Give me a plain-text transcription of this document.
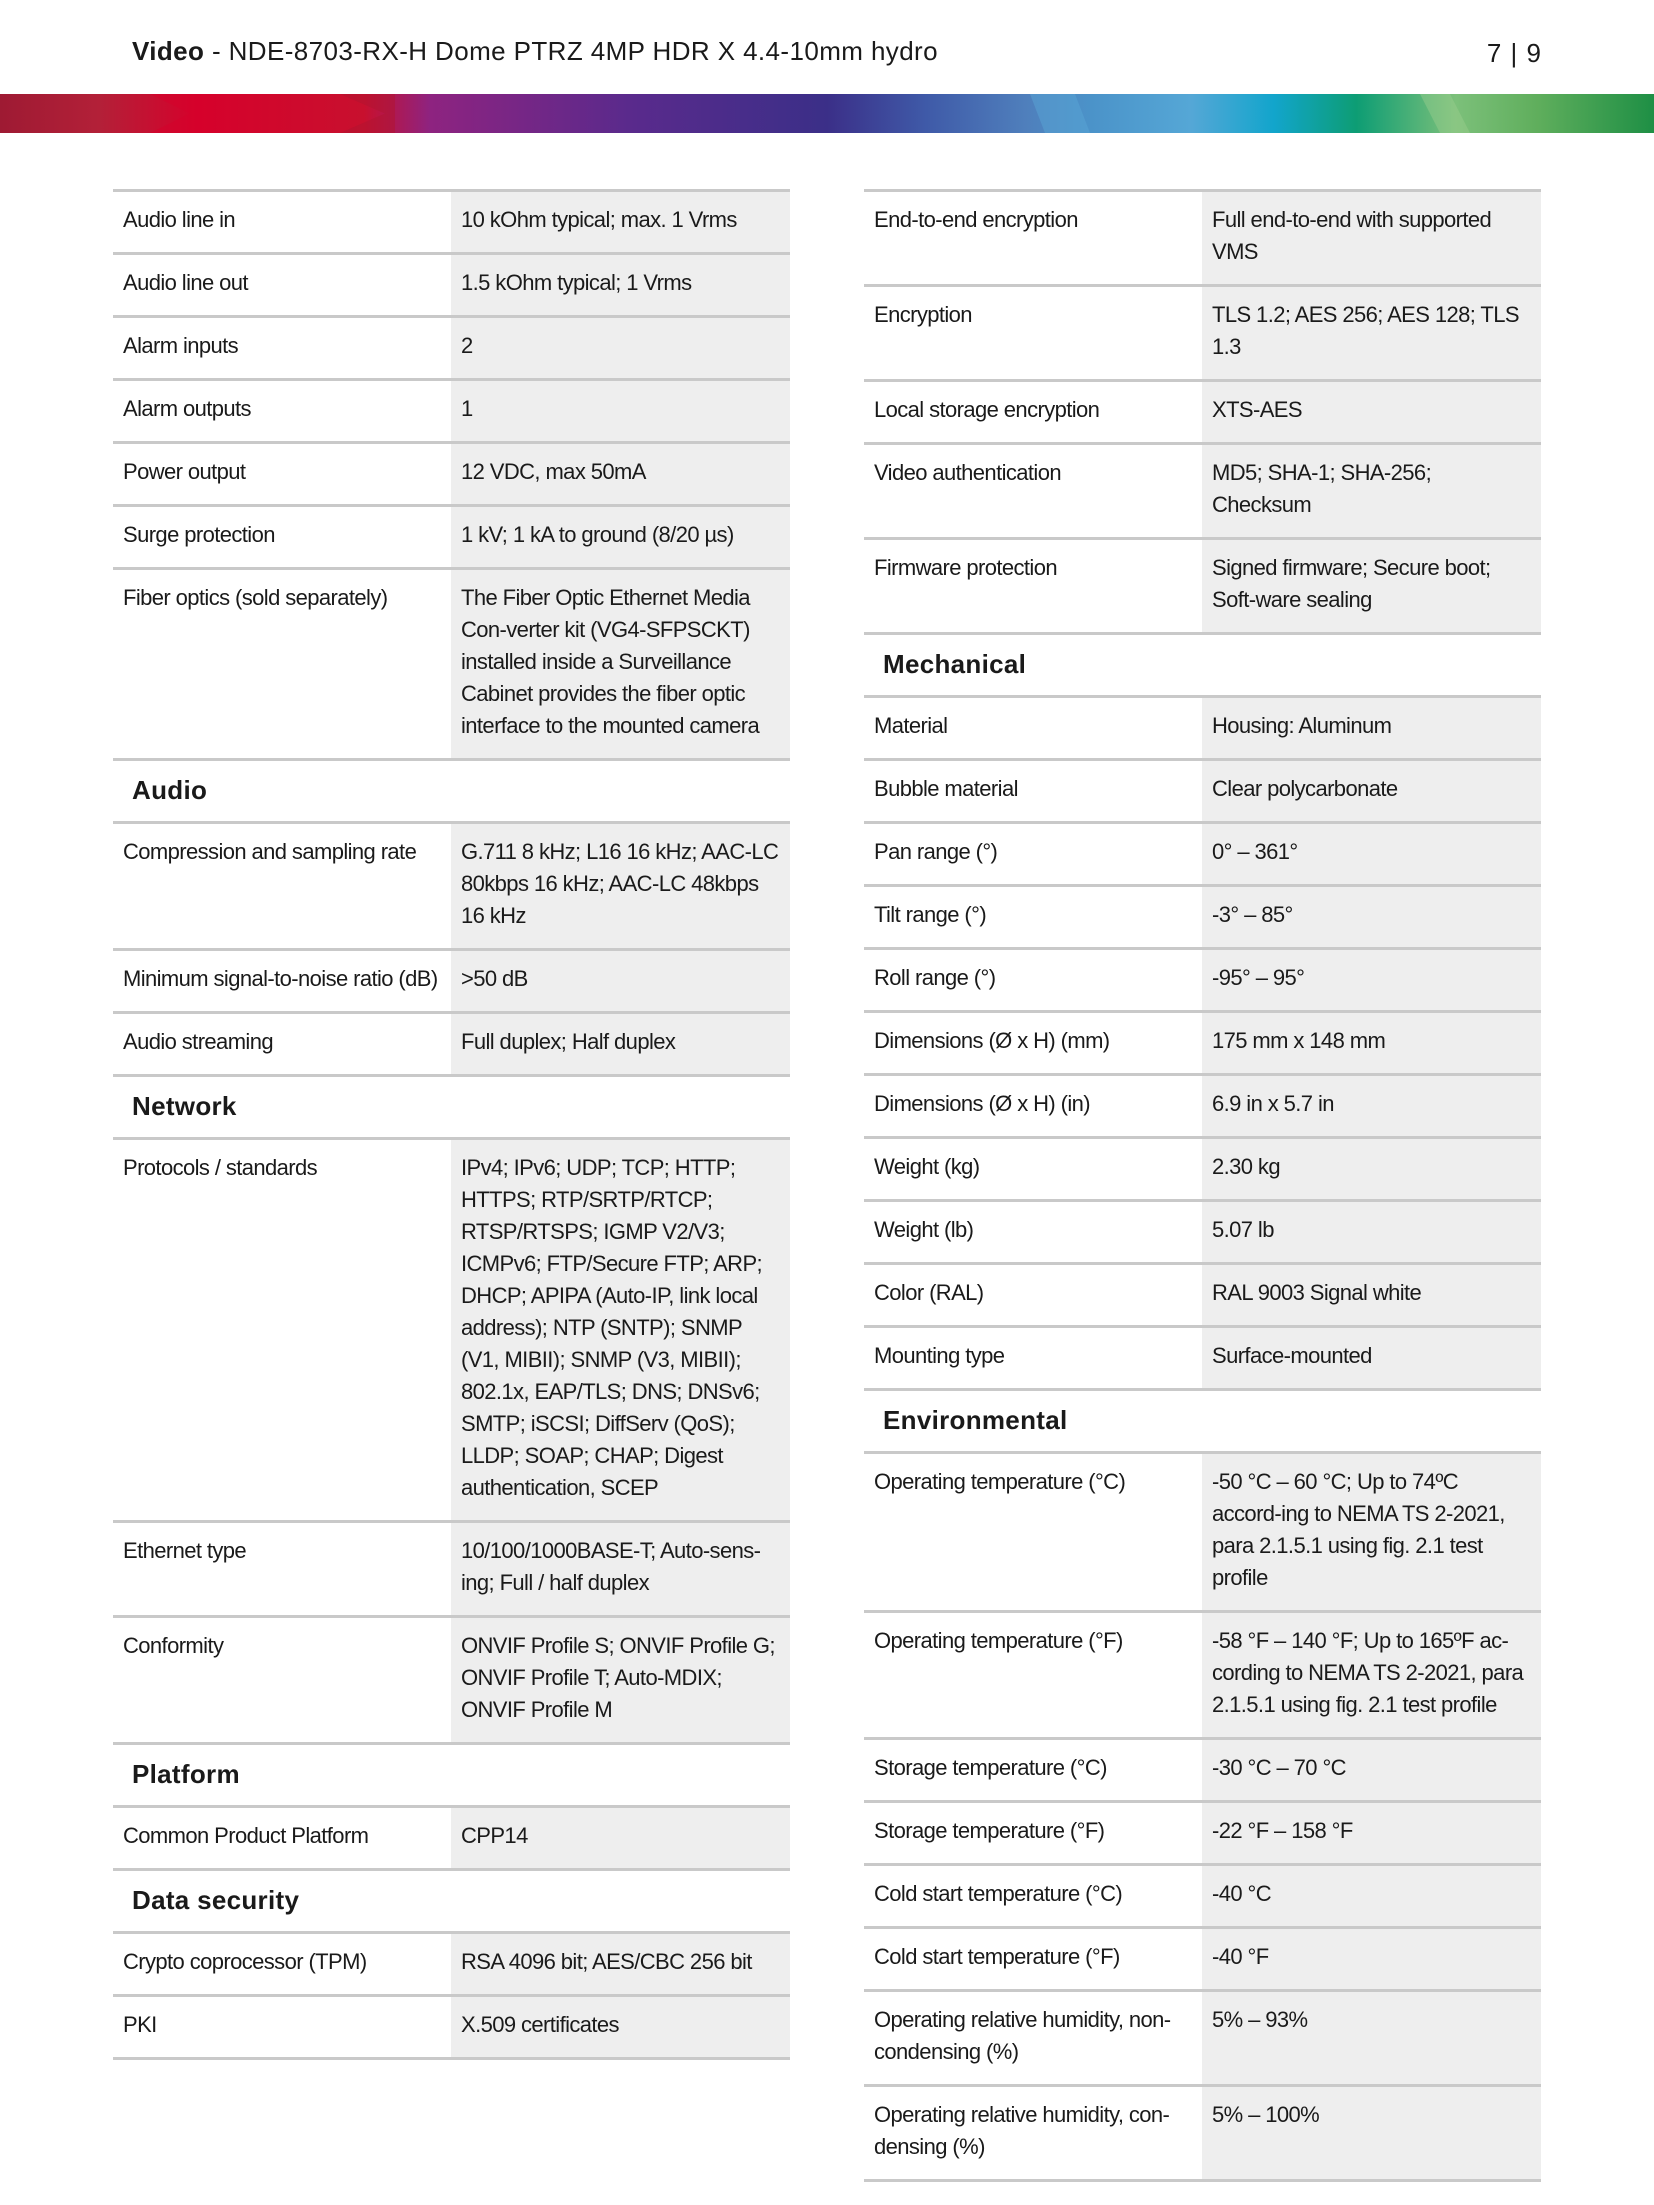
Video - NDE-8703-RX-H Dome PTRZ 4MP HDR X 4.4-10mm hydro	7 | 9
Audio line in	10 kOhm typical; max. 1 Vrms
Audio line out	1.5 kOhm typical; 1 Vrms
Alarm inputs	2
Alarm outputs	1
Power output	12 VDC, max 50mA
Surge protection	1 kV; 1 kA to ground (8/20 µs)
Fiber optics (sold separately)	The Fiber Optic Ethernet Media Con-verter kit (VG4-SFPSCKT) installed inside a Surveillance Cabinet provides the fiber optic interface to the mounted camera
Audio	
Compression and sampling rate	G.711 8 kHz; L16 16 kHz; AAC-LC 80kbps 16 kHz; AAC-LC 48kbps 16 kHz
Minimum signal-to-noise ratio (dB)	>50 dB
Audio streaming	Full duplex; Half duplex
Network	
Protocols / standards	IPv4; IPv6; UDP; TCP; HTTP; HTTPS; RTP/SRTP/RTCP; RTSP/RTSPS; IGMP V2/V3; ICMPv6; FTP/Secure FTP; ARP; DHCP; APIPA (Auto-IP, link local address); NTP (SNTP); SNMP (V1, MIBII); SNMP (V3, MIBII); 802.1x, EAP/TLS; DNS; DNSv6; SMTP; iSCSI; DiffServ (QoS); LLDP; SOAP; CHAP; Digest authentication, SCEP
Ethernet type	10/100/1000BASE-T; Auto-sens-ing; Full / half duplex
Conformity	ONVIF Profile S; ONVIF Profile G; ONVIF Profile T; Auto-MDIX; ONVIF Profile M
Platform	
Common Product Platform	CPP14
Data security	
Crypto coprocessor (TPM)	RSA 4096 bit; AES/CBC 256 bit
PKI	X.509 certificates

End-to-end encryption	Full end-to-end with supported VMS
Encryption	TLS 1.2; AES 256; AES 128; TLS 1.3
Local storage encryption	XTS-AES
Video authentication	MD5; SHA-1; SHA-256; Checksum
Firmware protection	Signed firmware; Secure boot; Soft-ware sealing
Mechanical	
Material	Housing: Aluminum
Bubble material	Clear polycarbonate
Pan range (°)	0° – 361°
Tilt range (°)	-3° – 85°
Roll range (°)	-95° – 95°
Dimensions (Ø x H) (mm)	175 mm x 148 mm
Dimensions (Ø x H) (in)	6.9 in x 5.7 in
Weight (kg)	2.30 kg
Weight (lb)	5.07 lb
Color (RAL)	RAL 9003 Signal white
Mounting type	Surface-mounted
Environmental	
Operating temperature (°C)	-50 °C – 60 °C; Up to 74ºC accord-ing to NEMA TS 2-2021, para 2.1.5.1 using fig. 2.1 test profile
Operating temperature (°F)	-58 °F – 140 °F; Up to 165ºF ac-cording to NEMA TS 2-2021, para 2.1.5.1 using fig. 2.1 test profile
Storage temperature (°C)	-30 °C – 70 °C
Storage temperature (°F)	-22 °F – 158 °F
Cold start temperature (°C)	-40 °C
Cold start temperature (°F)	-40 °F
Operating relative humidity, non-condensing (%)	5% – 93%
Operating relative humidity, con-densing (%)	5% – 100%
